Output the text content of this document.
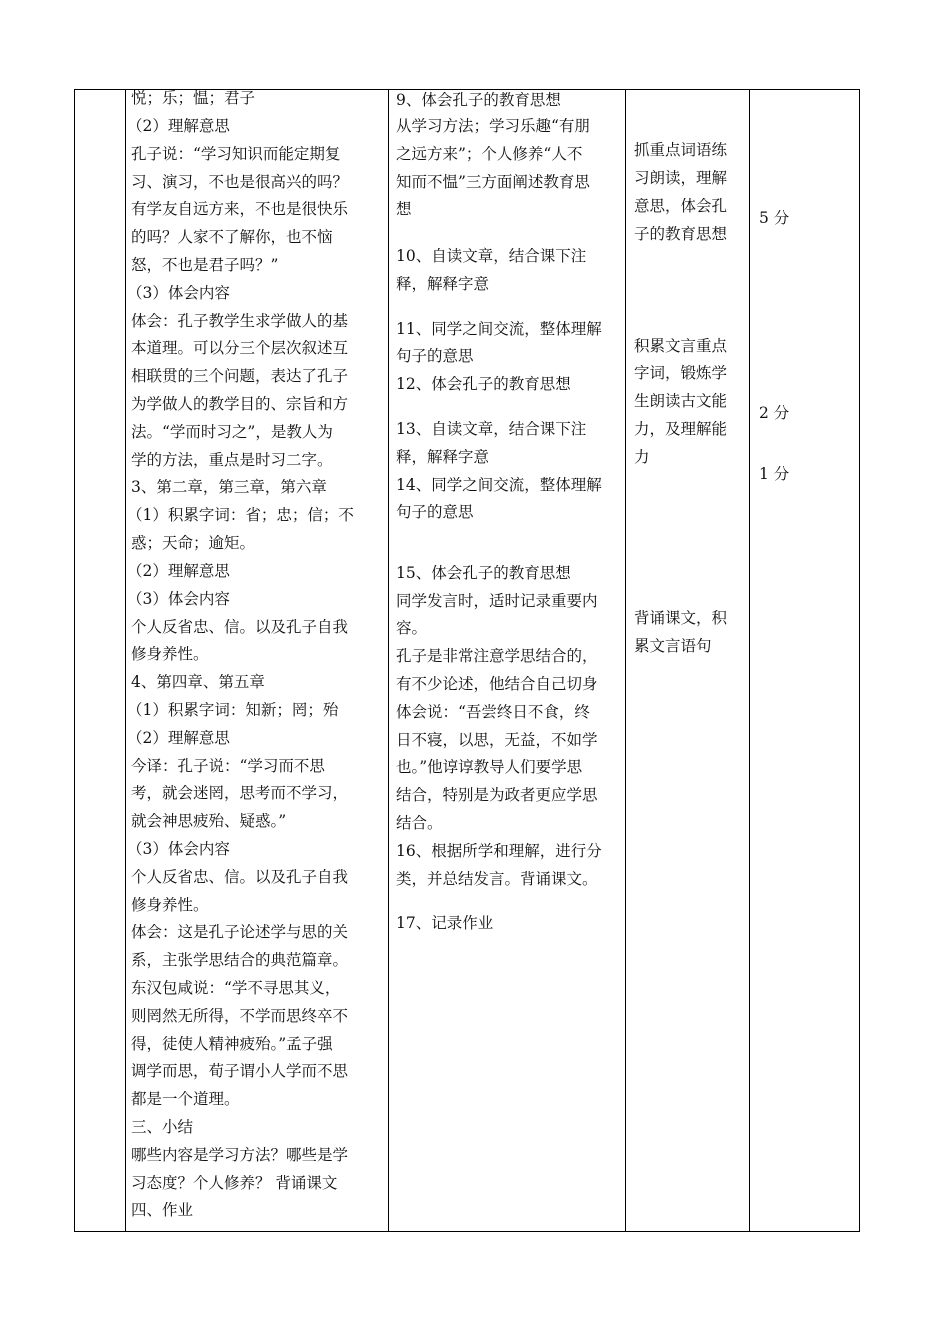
悦；乐；愠；君子
（2）理解意思
孔子说：“学习知识而能定期复
习、演习，不也是很高兴的吗？
有学友自远方来，不也是很快乐
的吗？人家不了解你，也不恼
怒，不也是君子吗？”
（3）体会内容
体会：孔子教学生求学做人的基
本道理。可以分三个层次叙述互
相联贯的三个问题，表达了孔子
为学做人的教学目的、宗旨和方
法。“学而时习之”，是教人为
学的方法，重点是时习二字。
3、第二章，第三章，第六章
（1）积累字词：省；忠；信；不
惑；天命；逾矩。
（2）理解意思
（3）体会内容
个人反省忠、信。以及孔子自我
修身养性。
4、第四章、第五章
（1）积累字词：知新；罔；殆
（2）理解意思
今译：孔子说：“学习而不思
考，就会迷罔，思考而不学习，
就会神思疲殆、疑惑。”
（3）体会内容
个人反省忠、信。以及孔子自我
修身养性。
体会：这是孔子论述学与思的关
系，主张学思结合的典范篇章。
东汉包咸说：“学不寻思其义，
则罔然无所得，不学而思终卒不
得，徒使人精神疲殆。”孟子强
调学而思，荀子谓小人学而不思
都是一个道理。
三、小结
哪些内容是学习方法？哪些是学
习态度？个人修养？ 背诵课文
四、作业
9、体会孔子的教育思想
从学习方法；学习乐趣“有朋
之远方来”；个人修养“人不
知而不愠”三方面阐述教育思
想
10、自读文章，结合课下注
释，解释字意
11、同学之间交流，整体理解
句子的意思
12、体会孔子的教育思想
13、自读文章，结合课下注
释，解释字意
14、同学之间交流，整体理解
句子的意思
15、体会孔子的教育思想
同学发言时，适时记录重要内
容。
孔子是非常注意学思结合的，
有不少论述，他结合自己切身
体会说：“吾尝终日不食，终
日不寝，以思，无益，不如学
也。”他谆谆教导人们要学思
结合，特别是为政者更应学思
结合。
16、根据所学和理解，进行分
类，并总结发言。背诵课文。
17、记录作业
抓重点词语练
习朗读，理解
意思，体会孔
子的教育思想
积累文言重点
字词，锻炼学
生朗读古文能
力，及理解能
力
背诵课文，积
累文言语句
5 分
2 分
1 分
